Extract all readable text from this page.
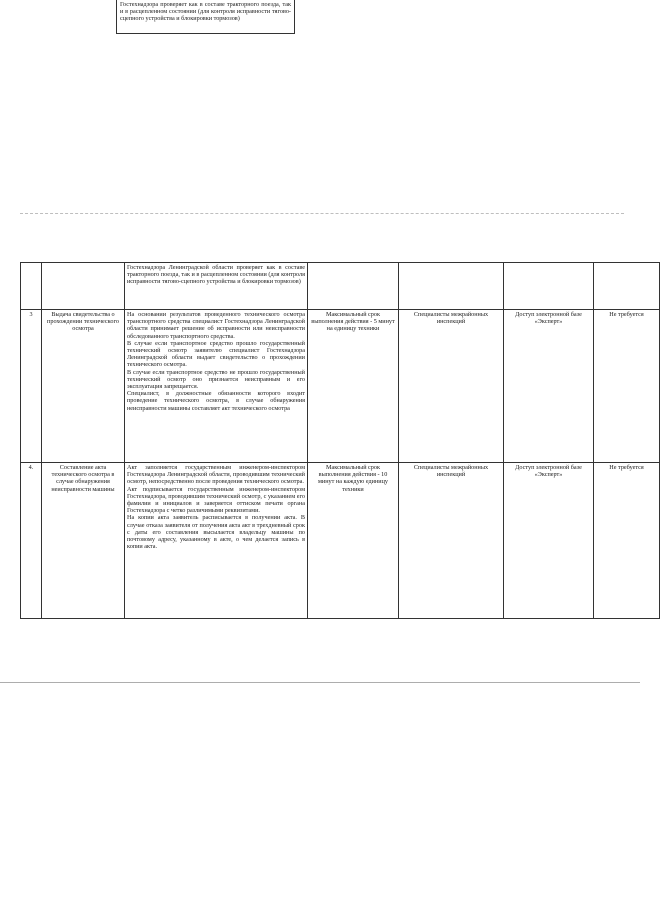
Гостехнадзора проверяет как в составе тракторного поезда, так и в расцепленном состоянии (для контроля исправности тягово-сцепного устройства и блокировки тормозов)

		Гостехнадзора Ленинградской области проверяет как в составе тракторного поезда, так и в расцепленном состоянии (для контроля исправности тягово-сцепного устройства и блокировки тормозов)				

3	Выдача свидетельства о прохождении технического осмотра	На основании результатов проведенного технического осмотра транспортного средства специалист Гостехнадзора Ленинградской области принимает решение об исправности или неисправности обследованного транспортного средства.

В случае если транспортное средство прошло государственный технический осмотр заявителю специалист Гостехнадзора Ленинградской области выдает свидетельство о прохождении технического осмотра.

В случае если транспортное средство не прошло государственный технический осмотр оно признается неисправным и его эксплуатация запрещается.

Специалист, в должностные обязанности которого входит проведение технического осмотра, в случае обнаружения неисправности машины составляет акт технического осмотра	Максимальный срок выполнения действия - 5 минут на единицу техники	Специалисты межрайонных инспекций	Доступ электронной базе «Эксперт»	Не требуется
4.	Составление акта технического осмотра в случае обнаружения неисправности машины	Акт заполняется государственным инженером-инспектором Гостехнадзора Ленинградской области, проводившим технический осмотр, непосредственно после проведения технического осмотра.

Акт подписывается государственным инженером-инспектором Гостехнадзора, проводившим технический осмотр, с указанием его фамилии и инициалов и заверяется оттиском печати органа Гостехнадзора с четко различимыми реквизитами.

На копии акта заявитель расписывается в получении акта. В случае отказа заявителя от получения акта акт в трехдневный срок с даты его составления высылается владельцу машины по почтовому адресу, указанному в акте, о чем делается запись в копии акта.	Максимальный срок выполнения действия - 10 минут на каждую единицу техники	Специалисты межрайонных инспекций	Доступ электронной базе «Эксперт»	Не требуется
